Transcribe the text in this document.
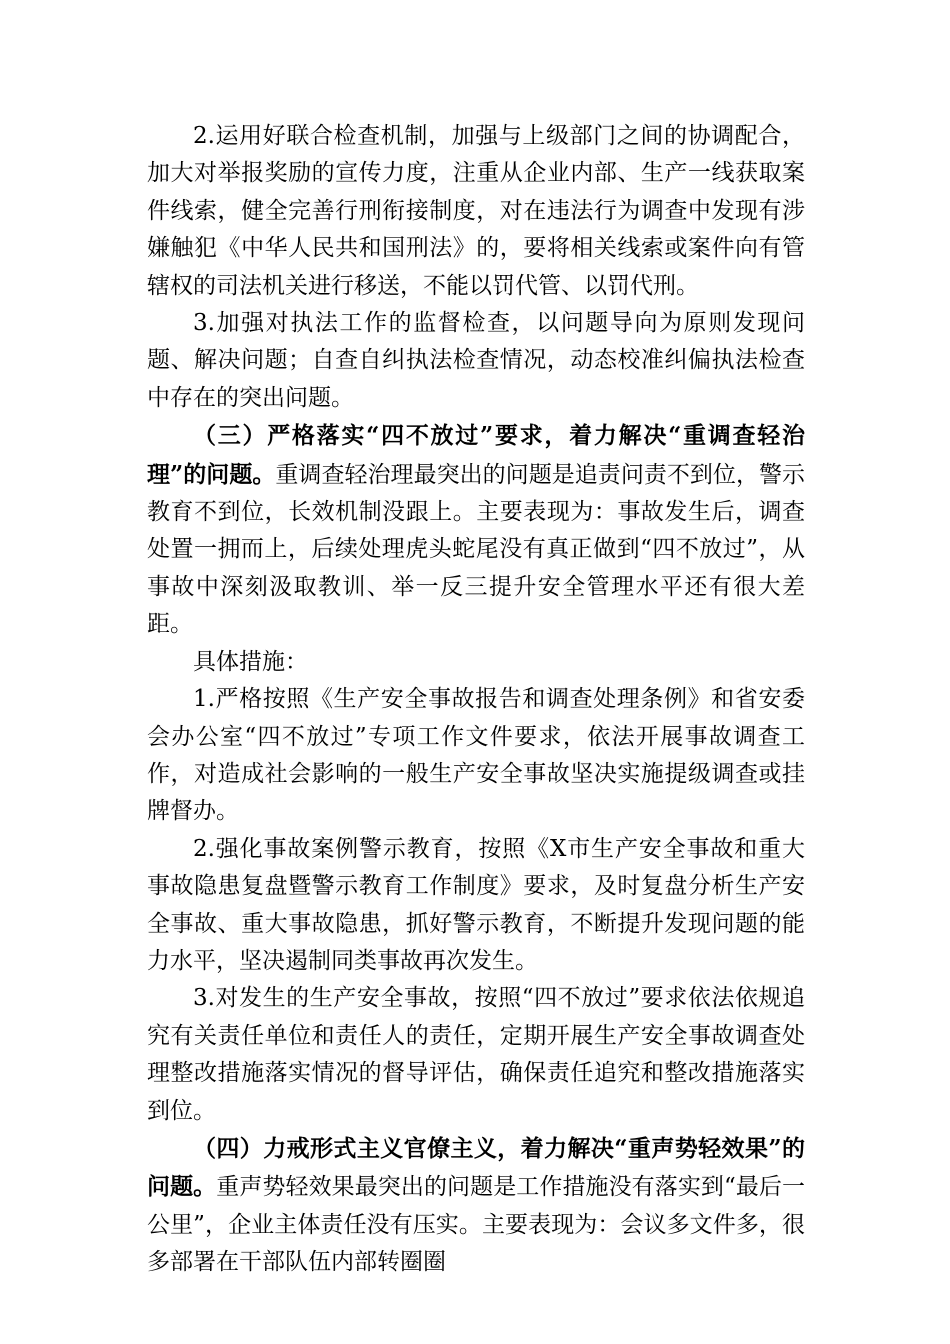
2.运用好联合检查机制，加强与上级部门之间的协调配合，加大对举报奖励的宣传力度，注重从企业内部、生产一线获取案件线索，健全完善行刑衔接制度，对在违法行为调查中发现有涉嫌触犯《中华人民共和国刑法》的，要将相关线索或案件向有管辖权的司法机关进行移送，不能以罚代管、以罚代刑。

3.加强对执法工作的监督检查，以问题导向为原则发现问题、解决问题；自查自纠执法检查情况，动态校准纠偏执法检查中存在的突出问题。

（三）严格落实“四不放过”要求，着力解决“重调查轻治理”的问题。重调查轻治理最突出的问题是追责问责不到位，警示教育不到位，长效机制没跟上。主要表现为：事故发生后，调查处置一拥而上，后续处理虎头蛇尾没有真正做到“四不放过”，从事故中深刻汲取教训、举一反三提升安全管理水平还有很大差距。

具体措施：

1.严格按照《生产安全事故报告和调查处理条例》和省安委会办公室“四不放过”专项工作文件要求，依法开展事故调查工作，对造成社会影响的一般生产安全事故坚决实施提级调查或挂牌督办。

2.强化事故案例警示教育，按照《X市生产安全事故和重大事故隐患复盘暨警示教育工作制度》要求，及时复盘分析生产安全事故、重大事故隐患，抓好警示教育，不断提升发现问题的能力水平，坚决遏制同类事故再次发生。

3.对发生的生产安全事故，按照“四不放过”要求依法依规追究有关责任单位和责任人的责任，定期开展生产安全事故调查处理整改措施落实情况的督导评估，确保责任追究和整改措施落实到位。

（四）力戒形式主义官僚主义，着力解决“重声势轻效果”的问题。重声势轻效果最突出的问题是工作措施没有落实到“最后一公里”，企业主体责任没有压实。主要表现为：会议多文件多，很多部署在干部队伍内部转圈圈
